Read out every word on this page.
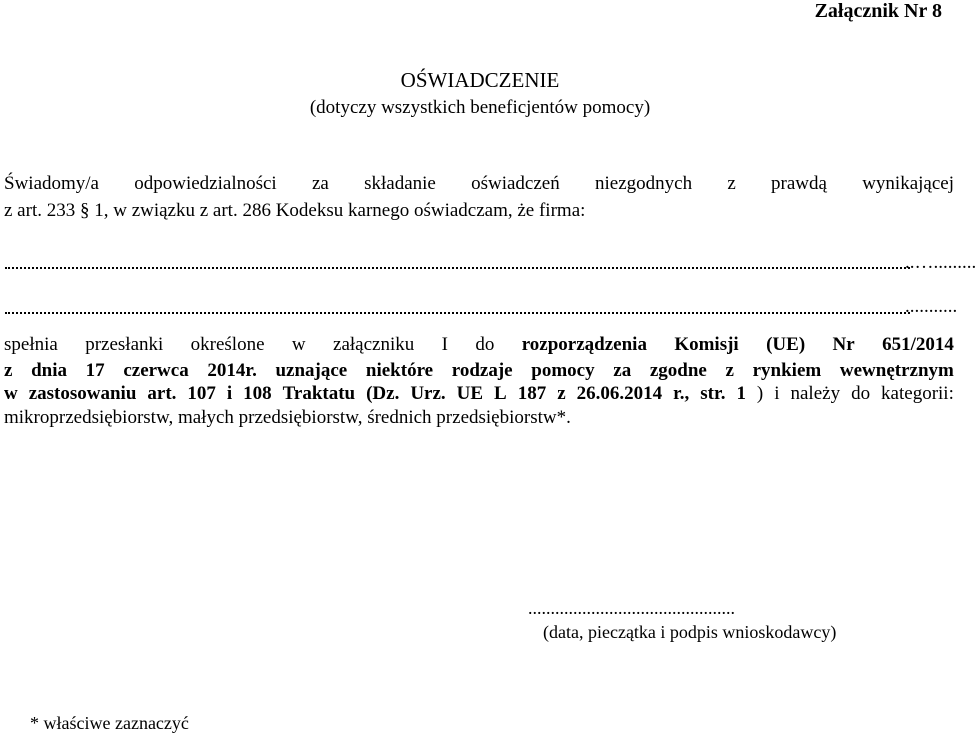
Załącznik Nr 8
OŚWIADCZENIE
(dotyczy wszystkich beneficjentów pomocy)
Świadomy/a odpowiedzialności za składanie oświadczeń niezgodnych z prawdą wynikającej
z art. 233 § 1, w związku z art. 286 Kodeksu karnego oświadczam, że firma:
..….........
...........
spełnia przesłanki określone w załączniku I do rozporządzenia Komisji (UE) Nr 651/2014
z dnia 17 czerwca 2014r. uznające niektóre rodzaje pomocy za zgodne z rynkiem wewnętrznym
w zastosowaniu art. 107 i 108 Traktatu (Dz. Urz. UE L 187 z 26.06.2014 r., str. 1 ) i należy do kategorii:
mikroprzedsiębiorstw, małych przedsiębiorstw, średnich przedsiębiorstw*.
..............................................
(data, pieczątka i podpis wnioskodawcy)
* właściwe zaznaczyć
